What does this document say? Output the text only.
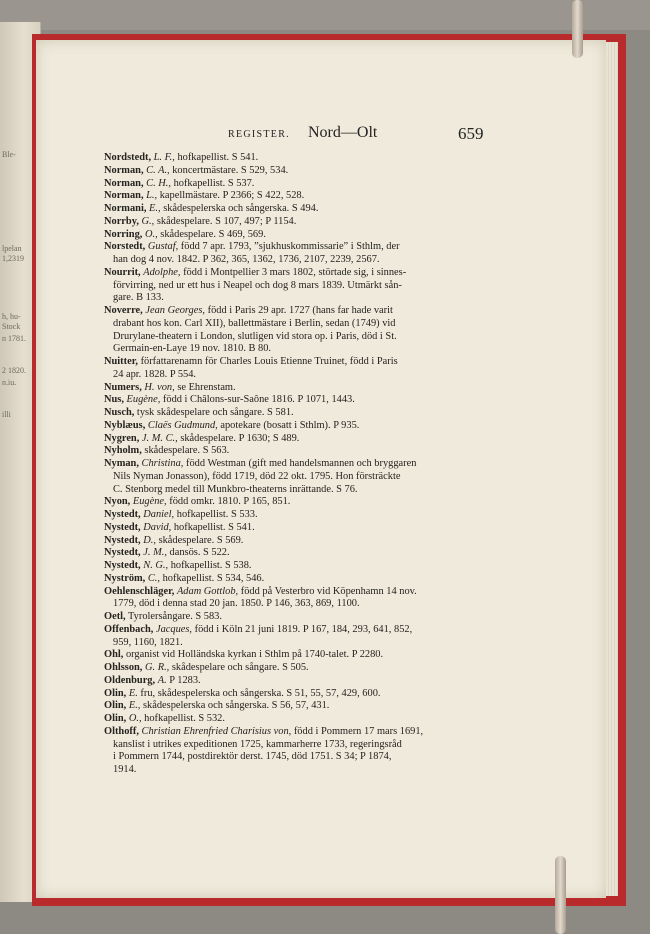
Ble-
lpelan
1,2319
h, hu-
Stock
n 1781.
2 1820.
n.iu.
illi
REGISTER. Nord—Olt	659
Nordstedt, L. F., hofkapellist. S 541.
Norman, C. A., koncertmästare. S 529, 534.
Norman, C. H., hofkapellist. S 537.
Norman, L., kapellmästare. P 2366; S 422, 528.
Normani, E., skådespelerska och sångerska. S 494.
Norrby, G., skådespelare. S 107, 497; P 1154.
Norring, O., skådespelare. S 469, 569.
Norstedt, Gustaf, född 7 apr. 1793, ”sjukhuskommissarie” i Sthlm, der
han dog 4 nov. 1842. P 362, 365, 1362, 1736, 2107, 2239, 2567.
Nourrit, Adolphe, född i Montpellier 3 mars 1802, störtade sig, i sinnes-
förvirring, ned ur ett hus i Neapel och dog 8 mars 1839. Utmärkt sån-
gare. B 133.
Noverre, Jean Georges, född i Paris 29 apr. 1727 (hans far hade varit
drabant hos kon. Carl XII), ballettmästare i Berlin, sedan (1749) vid
Drurylane-theatern i London, slutligen vid stora op. i Paris, död i St.
Germain-en-Laye 19 nov. 1810. B 80.
Nuitter, författarenamn för Charles Louis Etienne Truinet, född i Paris
24 apr. 1828. P 554.
Numers, H. von, se Ehrenstam.
Nus, Eugène, född i Châlons-sur-Saône 1816. P 1071, 1443.
Nusch, tysk skådespelare och sångare. S 581.
Nyblæus, Claës Gudmund, apotekare (bosatt i Sthlm). P 935.
Nygren, J. M. C., skådespelare. P 1630; S 489.
Nyholm, skådespelare. S 563.
Nyman, Christina, född Westman (gift med handelsmannen och bryggaren
Nils Nyman Jonasson), född 1719, död 22 okt. 1795. Hon försträckte
C. Stenborg medel till Munkbro-theaterns inrättande. S 76.
Nyon, Eugène, född omkr. 1810. P 165, 851.
Nystedt, Daniel, hofkapellist. S 533.
Nystedt, David, hofkapellist. S 541.
Nystedt, D., skådespelare. S 569.
Nystedt, J. M., dansös. S 522.
Nystedt, N. G., hofkapellist. S 538.
Nyström, C., hofkapellist. S 534, 546.
Oehlenschläger, Adam Gottlob, född på Vesterbro vid Köpenhamn 14 nov.
1779, död i denna stad 20 jan. 1850. P 146, 363, 869, 1100.
Oetl, Tyrolersångare. S 583.
Offenbach, Jacques, född i Köln 21 juni 1819. P 167, 184, 293, 641, 852,
959, 1160, 1821.
Ohl, organist vid Holländska kyrkan i Sthlm på 1740-talet. P 2280.
Ohlsson, G. R., skådespelare och sångare. S 505.
Oldenburg, A. P 1283.
Olin, E. fru, skådespelerska och sångerska. S 51, 55, 57, 429, 600.
Olin, E., skådespelerska och sångerska. S 56, 57, 431.
Olin, O., hofkapellist. S 532.
Olthoff, Christian Ehrenfried Charisius von, född i Pommern 17 mars 1691,
kanslist i utrikes expeditionen 1725, kammarherre 1733, regeringsråd
i Pommern 1744, postdirektör derst. 1745, död 1751. S 34; P 1874,
1914.
